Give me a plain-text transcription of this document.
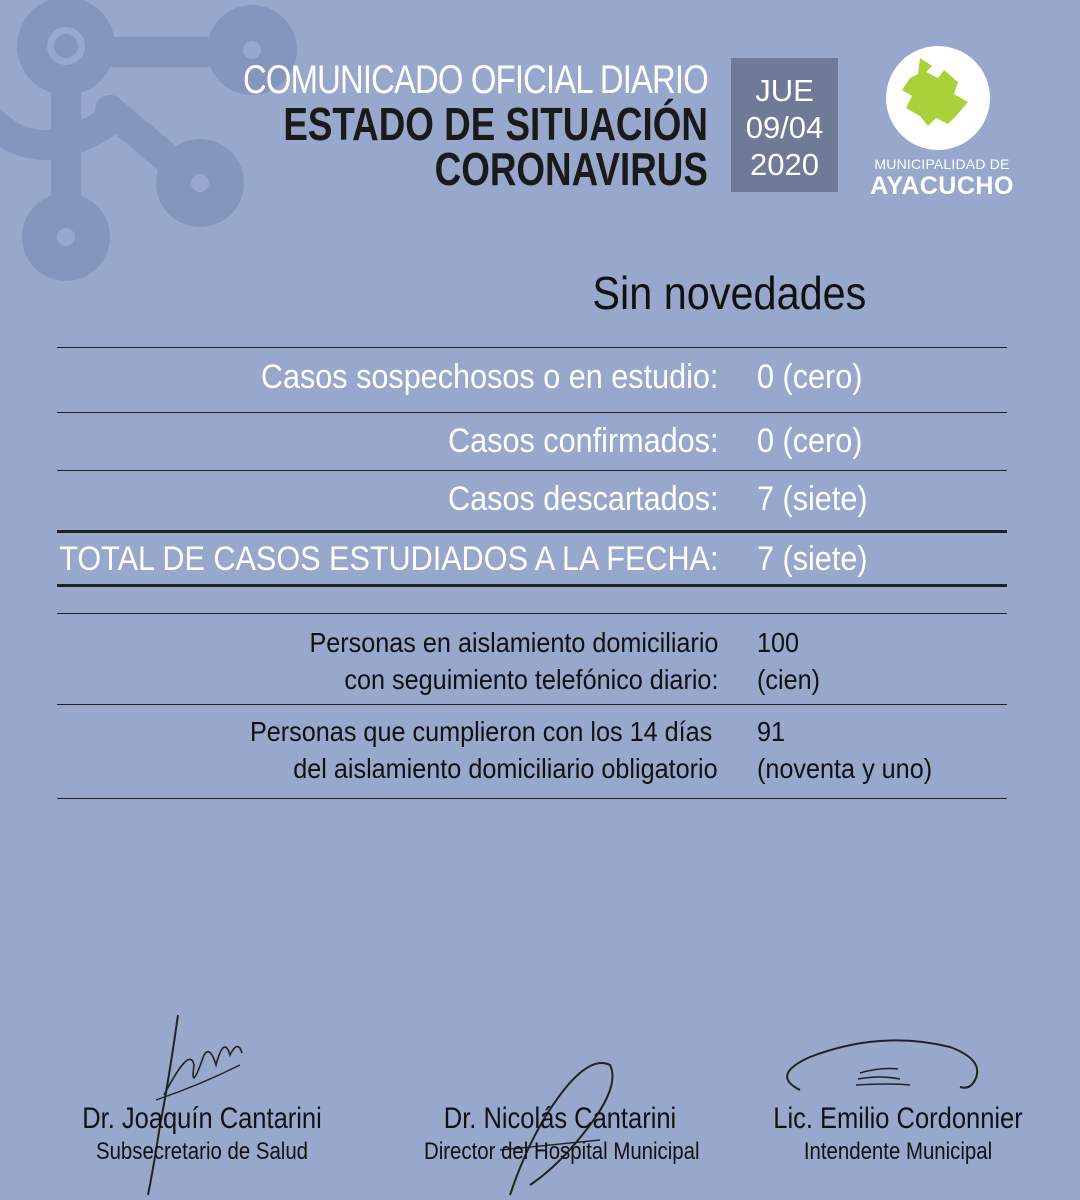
COMUNICADO OFICIAL DIARIO
ESTADO DE SITUACIÓN
CORONAVIRUS
JUE
09/04
2020	MUNICIPALIDAD DE
AYACUCHO
Sin novedades
Casos sospechosos o en estudio: 0 (cero)
Casos confirmados: 0 (cero)
Casos descartados: 7 (siete)
TOTAL DE CASOS ESTUDIADOS A LA FECHA: 7 (siete)
Personas en aislamiento domiciliario
con seguimiento telefónico diario:
100
(cien)
Personas que cumplieron con los 14 días
del aislamiento domiciliario obligatorio
91
(noventa y uno)
Dr. Joaquín Cantarini
Subsecretario de Salud
Dr. Nicolás Cantarini
Director del Hospital Municipal
Lic. Emilio Cordonnier
Intendente Municipal
